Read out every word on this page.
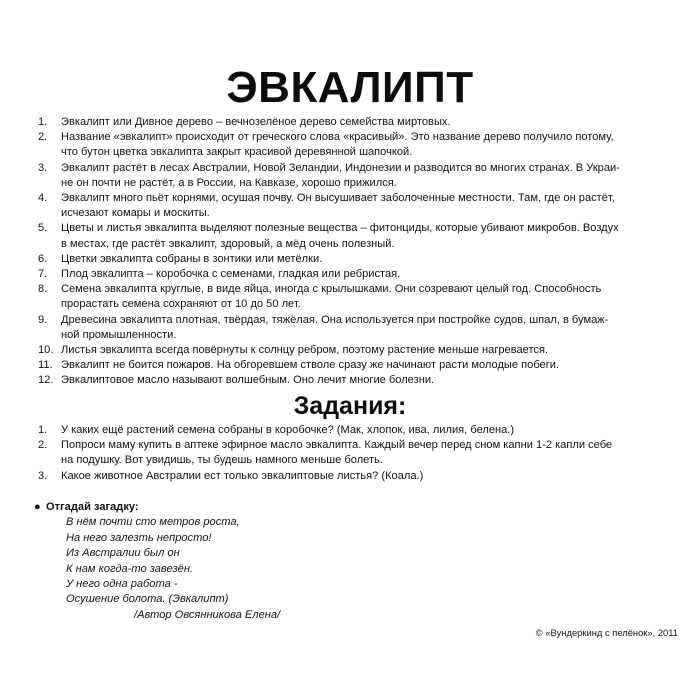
ЭВКАЛИПТ
1.	Эвкалипт или Дивное дерево – вечнозелёное дерево семейства миртовых.
2.	Название «эвкалипт» происходит от греческого слова «красивый». Это название дерево получило потому,
что бутон цветка эвкалипта закрыт красивой деревянной шапочкой.
3.	Эвкалипт растёт в лесах Австралии, Новой Зеландии, Индонезии и разводится во многих странах. В Украи-
не он почти не растёт, а в России, на Кавказе, хорошо прижился.
4.	Эвкалипт много пьёт корнями, осушая почву. Он высушивает заболоченные местности. Там, где он растёт,
исчезают комары и москиты.
5.	Цветы и листья эвкалипта выделяют полезные вещества – фитонциды, которые убивают микробов. Воздух
в местах, где растёт эвкалипт, здоровый, а мёд очень полезный.
6.	Цветки эвкалипта собраны в зонтики или метёлки.
7.	Плод эвкалипта – коробочка с семенами, гладкая или ребристая.
8.	Семена эвкалипта круглые, в виде яйца, иногда с крылышками. Они созревают целый год. Способность
прорастать семена сохраняют от 10 до 50 лет.
9.	Древесина эвкалипта плотная, твёрдая, тяжёлая. Она используется при постройке судов, шпал, в бумаж-
ной промышленности.
10. Листья эвкалипта всегда повёрнуты к солнцу ребром, поэтому растение меньше нагревается.
11. Эвкалипт не боится пожаров. На обгоревшем стволе сразу же начинают расти молодые побеги.
12. Эвкалиптовое масло называют волшебным. Оно лечит многие болезни.
Задания:
1.	У каких ещё растений семена собраны в коробочке? (Мак, хлопок, ива, лилия, белена.)
2.	Попроси маму купить в аптеке эфирное масло эвкалипта. Каждый вечер перед сном капни 1-2 капли себе
на подушку. Вот увидишь, ты будешь намного меньше болеть.
3.	Какое животное Австралии ест только эвкалиптовые листья? (Коала.)
● Отгадай загадку:
В нём почти сто метров роста,
На него залезть непросто!
Из Австралии был он
К нам когда-то завезён.
У него одна работа -
Осушение болота. (Эвкалипт)
/Автор Овсянникова Елена/
© «Вундеркинд с пелёнок», 2011
